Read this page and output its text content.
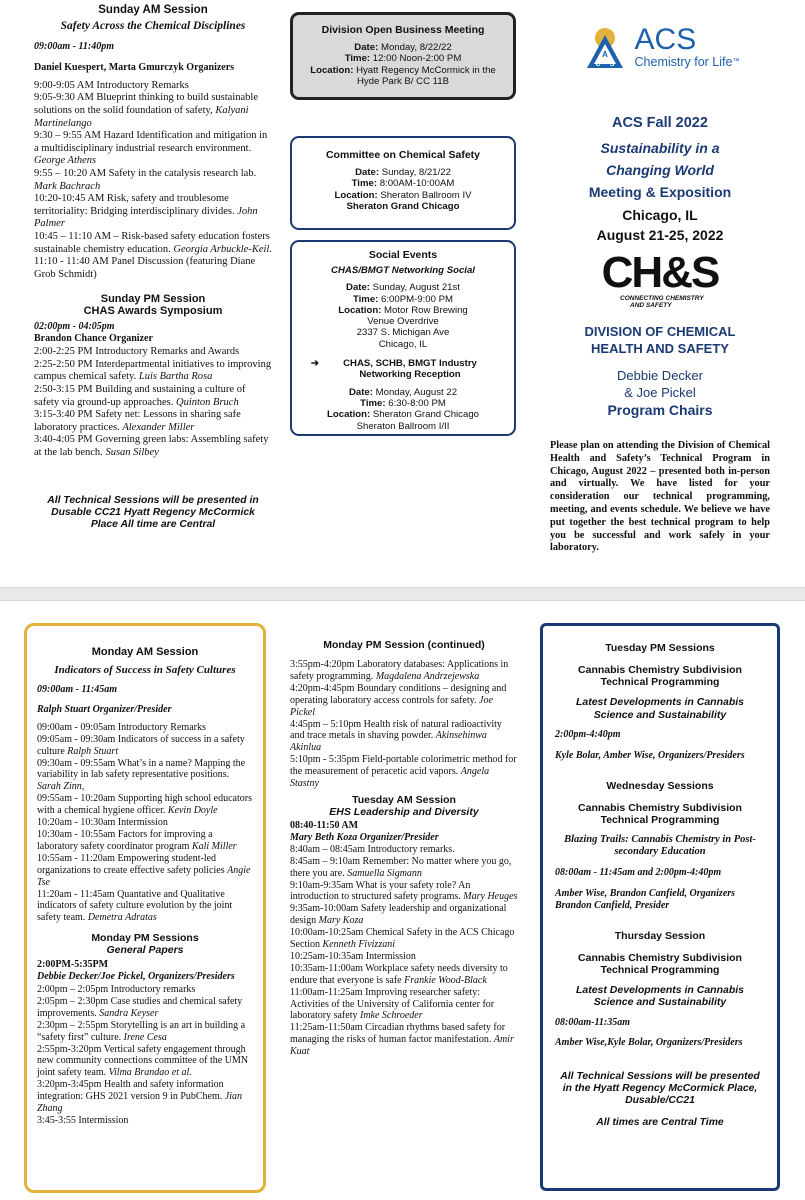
Sunday AM Session
Safety Across the Chemical Disciplines
09:00am - 11:40pm
Daniel Kuespert, Marta Gmurczyk Organizers
9:00-9:05 AM Introductory Remarks
9:05-9:30 AM Blueprint thinking to build sustainable solutions on the solid foundation of safety, Kalyani Martinelango
9:30 – 9:55 AM Hazard Identification and mitigation in a multidisciplinary industrial research environment. George Athens
9:55 – 10:20 AM Safety in the catalysis research lab. Mark Bachrach
10:20-10:45 AM Risk, safety and troublesome territoriality: Bridging interdisciplinary divides. John Palmer
10:45 – 11:10 AM – Risk-based safety education fosters sustainable chemistry education. Georgia Arbuckle-Keil.
11:10 - 11:40 AM Panel Discussion (featuring Diane Grob Schmidt)
Sunday PM Session
CHAS Awards Symposium
02:00pm - 04:05pm
Brandon Chance Organizer
2:00-2:25 PM Introductory Remarks and Awards
2:25-2:50 PM Interdepartmental initiatives to improving campus chemical safety. Luis Bartha Rosa
2:50-3:15 PM Building and sustaining a culture of safety via ground-up approaches. Quinton Bruch
3:15-3:40 PM Safety net: Lessons in sharing safe laboratory practices. Alexander Miller
3:40-4:05 PM Governing green labs: Assembling safety at the lab bench. Susan Silbey
All Technical Sessions will be presented in Dusable CC21 Hyatt Regency McCormick Place All time are Central
Division Open Business Meeting
Date: Monday, 8/22/22
Time: 12:00 Noon-2:00 PM
Location: Hyatt Regency McCormick in the Hyde Park B/ CC 11B
Committee on Chemical Safety
Date: Sunday, 8/21/22
Time: 8:00AM-10:00AM
Location: Sheraton Ballroom IV
Sheraton Grand Chicago
Social Events
CHAS/BMGT Networking Social
Date: Sunday, August 21st
Time: 6:00PM-9:00 PM
Location: Motor Row Brewing
Venue Overdrive
2337 S. Michigan Ave
Chicago, IL
➔	CHAS, SCHB, BMGT Industry Networking Reception
Date: Monday, August 22
Time: 6:30-8:00 PM
Location: Sheraton Grand Chicago
Sheraton Ballroom I/II
A
C S
ACS
Chemistry for Life™
ACS Fall 2022
Sustainability in a
Changing World
Meeting & Exposition
Chicago, IL
August 21-25, 2022
CH&S
CONNECTING CHEMISTRY
AND SAFETY
DIVISION OF CHEMICAL
HEALTH AND SAFETY
Debbie Decker
& Joe Pickel
Program Chairs
Please plan on attending the Division of Chemical Health and Safety’s Technical Program in Chicago, August 2022 – presented both in-person and virtually. We have listed for your consideration our technical programming, meeting, and events schedule. We believe we have put together the best technical program to help you be successful and work safely in your laboratory.
Monday AM Session
Indicators of Success in Safety Cultures
09:00am - 11:45am
Ralph Stuart Organizer/Presider
09:00am - 09:05am Introductory Remarks
09:05am - 09:30am Indicators of success in a safety culture Ralph Stuart
09:30am - 09:55am What’s in a name? Mapping the variability in lab safety representative positions. Sarah Zinn,
09:55am - 10:20am Supporting high school educators with a chemical hygiene officer. Kevin Doyle
10:20am - 10:30am Intermission
10:30am - 10:55am Factors for improving a laboratory safety coordinator program Kali Miller
10:55am - 11:20am Empowering student-led organizations to create effective safety policies Angie Tse
11:20am - 11:45am Quantative and Qualitative indicators of safety culture evolution by the joint safety team. Demetra Adratas
Monday PM Sessions
General Papers
2:00PM-5:35PM
Debbie Decker/Joe Pickel, Organizers/Presiders
2:00pm – 2:05pm Introductory remarks
2:05pm – 2:30pm Case studies and chemical safety improvements. Sandra Keyser
2:30pm – 2:55pm Storytelling is an art in building a “safety first” culture. Irene Cesa
2:55pm-3:20pm Vertical safety engagement through new community connections committee of the UMN joint safety team. Vilma Brandao et al.
3:20pm-3:45pm Health and safety information integration: GHS 2021 version 9 in PubChem. Jian Zhang
3:45-3:55 Intermission
Monday PM Session (continued)
3:55pm-4:20pm Laboratory databases: Applications in safety programming. Magdalena Andrzejewska
4:20pm-4:45pm Boundary conditions – designing and operating laboratory access controls for safety. Joe Pickel
4:45pm – 5:10pm Health risk of natural radioactivity and trace metals in shaving powder. Akinsehinwa Akinlua
5:10pm - 5:35pm Field-portable colorimetric method for the measurement of peracetic acid vapors. Angela Stastny
Tuesday AM Session
EHS Leadership and Diversity
08:40-11:50 AM
Mary Beth Koza Organizer/Presider
8:40am – 08:45am Introductory remarks.
8:45am – 9:10am Remember: No matter where you go, there you are. Samuella Sigmann
9:10am-9:35am What is your safety role? An introduction to structured safety programs. Mary Heuges
9:35am-10:00am Safety leadership and organizational design Mary Koza
10:00am-10:25am Chemical Safety in the ACS Chicago Section Kenneth Fivizzani
10:25am-10:35am Intermission
10:35am-11:00am Workplace safety needs diversity to endure that everyone is safe Frankie Wood-Black
11:00am-11:25am Improving researcher safety: Activities of the University of California center for laboratory safety Imke Schroeder
11:25am-11:50am Circadian rhythms based safety for managing the risks of human factor manifestation. Amir Kuat
Tuesday PM Sessions
Cannabis Chemistry Subdivision
Technical Programming
Latest Developments in Cannabis Science and Sustainability
2:00pm-4:40pm
Kyle Bolar, Amber Wise, Organizers/Presiders
Wednesday Sessions
Cannabis Chemistry Subdivision
Technical Programming
Blazing Trails: Cannabis Chemistry in Post-secondary Education
08:00am - 11:45am and 2:00pm-4:40pm
Amber Wise, Brandon Canfield, Organizers Brandon Canfield, Presider
Thursday Session
Cannabis Chemistry Subdivision
Technical Programming
Latest Developments in Cannabis Science and Sustainability
08:00am-11:35am
Amber Wise,Kyle Bolar, Organizers/Presiders
All Technical Sessions will be presented in the Hyatt Regency McCormick Place, Dusable/CC21
All times are Central Time
